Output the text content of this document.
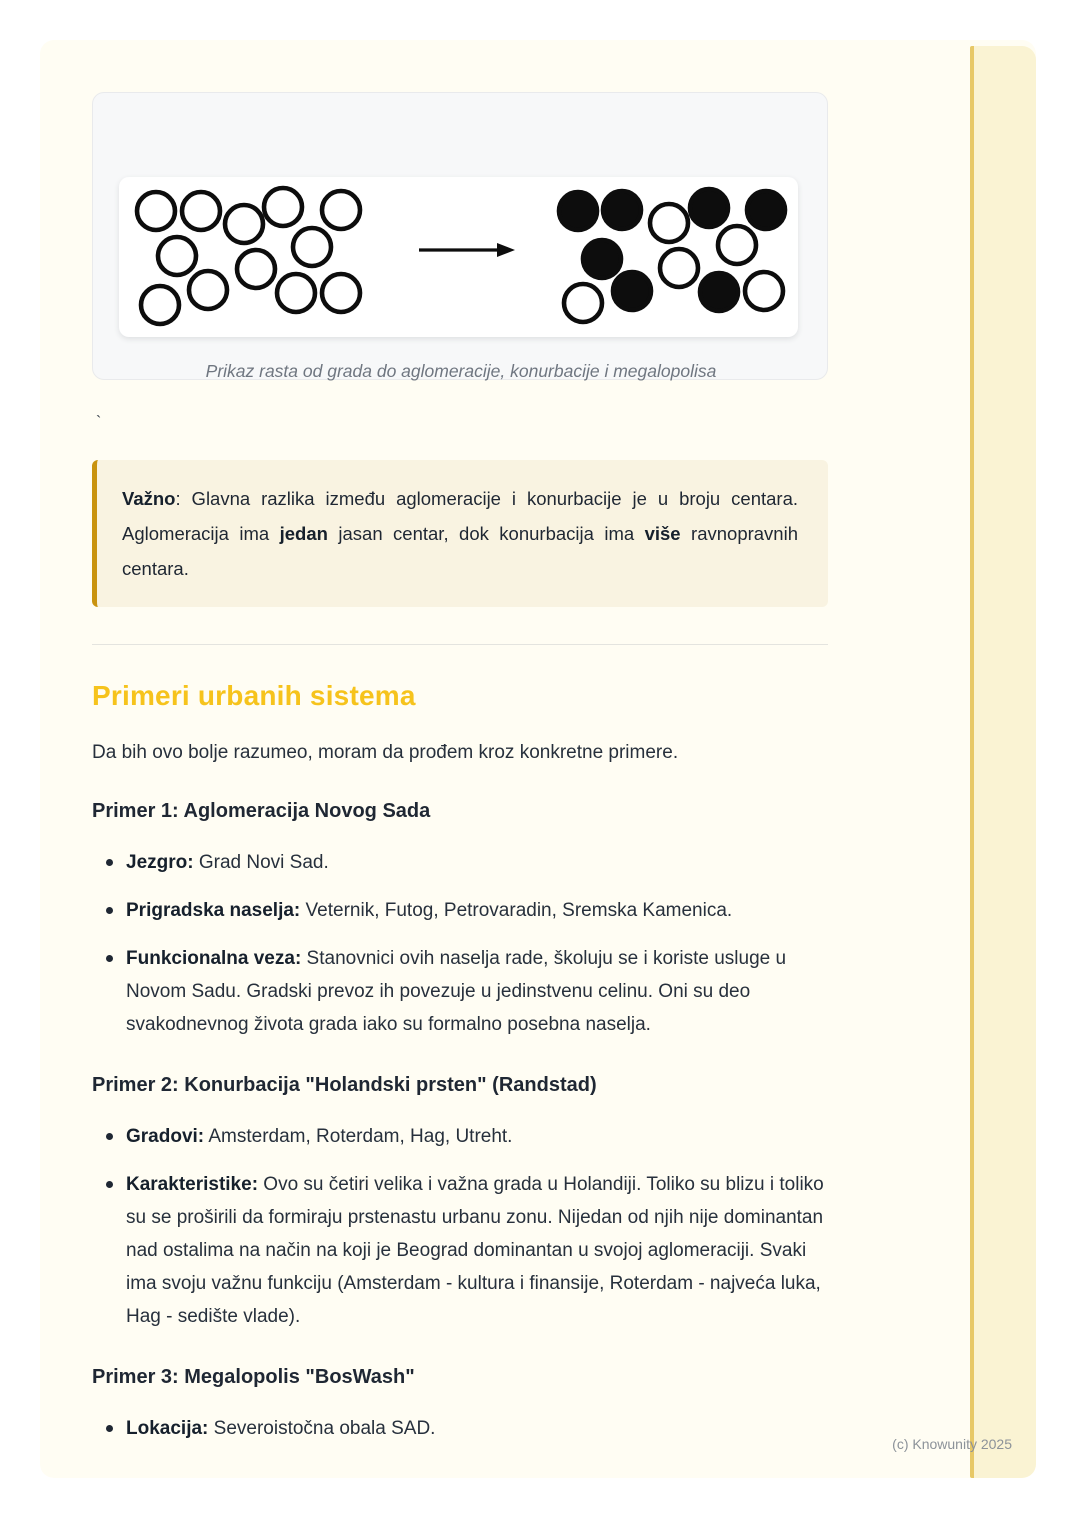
Prikaz rasta od grada do aglomeracije, konurbacije i megalopolisa
`

Važno: Glavna razlika između aglomeracije i konurbacije je u broju centara. Aglomeracija ima jedan jasan centar, dok konurbacija ima više ravnopravnih centara.

Primeri urbanih sistema

Da bih ovo bolje razumeo, moram da prođem kroz konkretne primere.

Primer 1: Aglomeracija Novog Sada
Jezgro: Grad Novi Sad.
Prigradska naselja: Veternik, Futog, Petrovaradin, Sremska Kamenica.
Funkcionalna veza: Stanovnici ovih naselja rade, školuju se i koriste usluge u Novom Sadu. Gradski prevoz ih povezuje u jedinstvenu celinu. Oni su deo svakodnevnog života grada iako su formalno posebna naselja.
Primer 2: Konurbacija "Holandski prsten" (Randstad)
Gradovi: Amsterdam, Roterdam, Hag, Utreht.
Karakteristike: Ovo su četiri velika i važna grada u Holandiji. Toliko su blizu i toliko su se proširili da formiraju prstenastu urbanu zonu. Nijedan od njih nije dominantan nad ostalima na način na koji je Beograd dominantan u svojoj aglomeraciji. Svaki ima svoju važnu funkciju (Amsterdam - kultura i finansije, Roterdam - najveća luka, Hag - sedište vlade).
Primer 3: Megalopolis "BosWash"
Lokacija: Severoistočna obala SAD.
(c) Knowunity 2025
